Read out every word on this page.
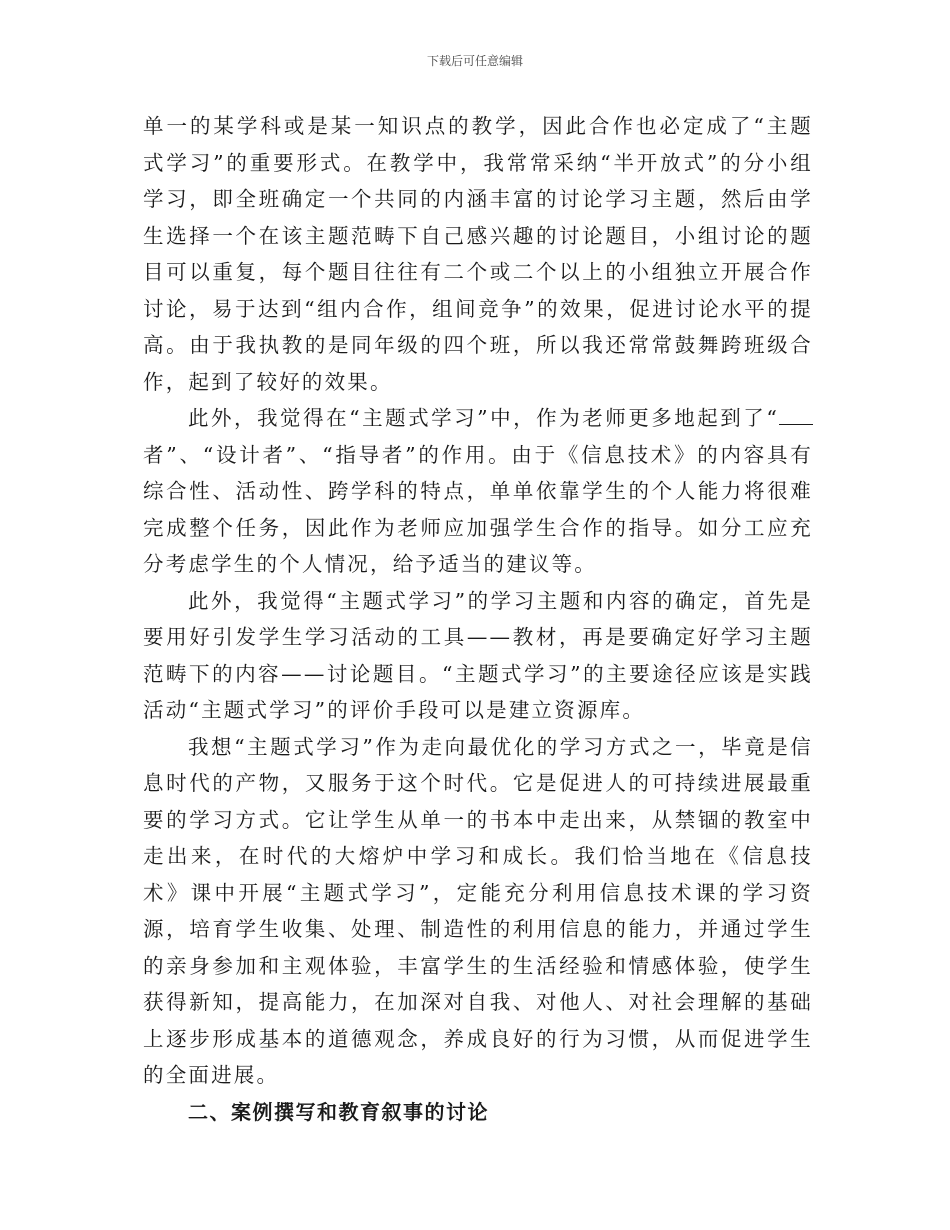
下载后可任意编辑

单一的某学科或是某一知识点的教学，因此合作也必定成了“主题式学习”的重要形式。在教学中，我常常采纳“半开放式”的分小组学习，即全班确定一个共同的内涵丰富的讨论学习主题，然后由学生选择一个在该主题范畴下自己感兴趣的讨论题目，小组讨论的题目可以重复，每个题目往往有二个或二个以上的小组独立开展合作讨论，易于达到“组内合作，组间竞争”的效果，促进讨论水平的提高。由于我执教的是同年级的四个班，所以我还常常鼓舞跨班级合作，起到了较好的效果。

此外，我觉得在“主题式学习”中，作为老师更多地起到了“者”、“设计者”、“指导者”的作用。由于《信息技术》的内容具有综合性、活动性、跨学科的特点，单单依靠学生的个人能力将很难完成整个任务，因此作为老师应加强学生合作的指导。如分工应充分考虑学生的个人情况，给予适当的建议等。

此外，我觉得“主题式学习”的学习主题和内容的确定，首先是要用好引发学生学习活动的工具——教材，再是要确定好学习主题范畴下的内容——讨论题目。“主题式学习”的主要途径应该是实践活动“主题式学习”的评价手段可以是建立资源库。

我想“主题式学习”作为走向最优化的学习方式之一，毕竟是信息时代的产物，又服务于这个时代。它是促进人的可持续进展最重要的学习方式。它让学生从单一的书本中走出来，从禁锢的教室中走出来，在时代的大熔炉中学习和成长。我们恰当地在《信息技术》课中开展“主题式学习”，定能充分利用信息技术课的学习资源，培育学生收集、处理、制造性的利用信息的能力，并通过学生的亲身参加和主观体验，丰富学生的生活经验和情感体验，使学生获得新知，提高能力，在加深对自我、对他人、对社会理解的基础上逐步形成基本的道德观念，养成良好的行为习惯，从而促进学生的全面进展。

二、案例撰写和教育叙事的讨论
